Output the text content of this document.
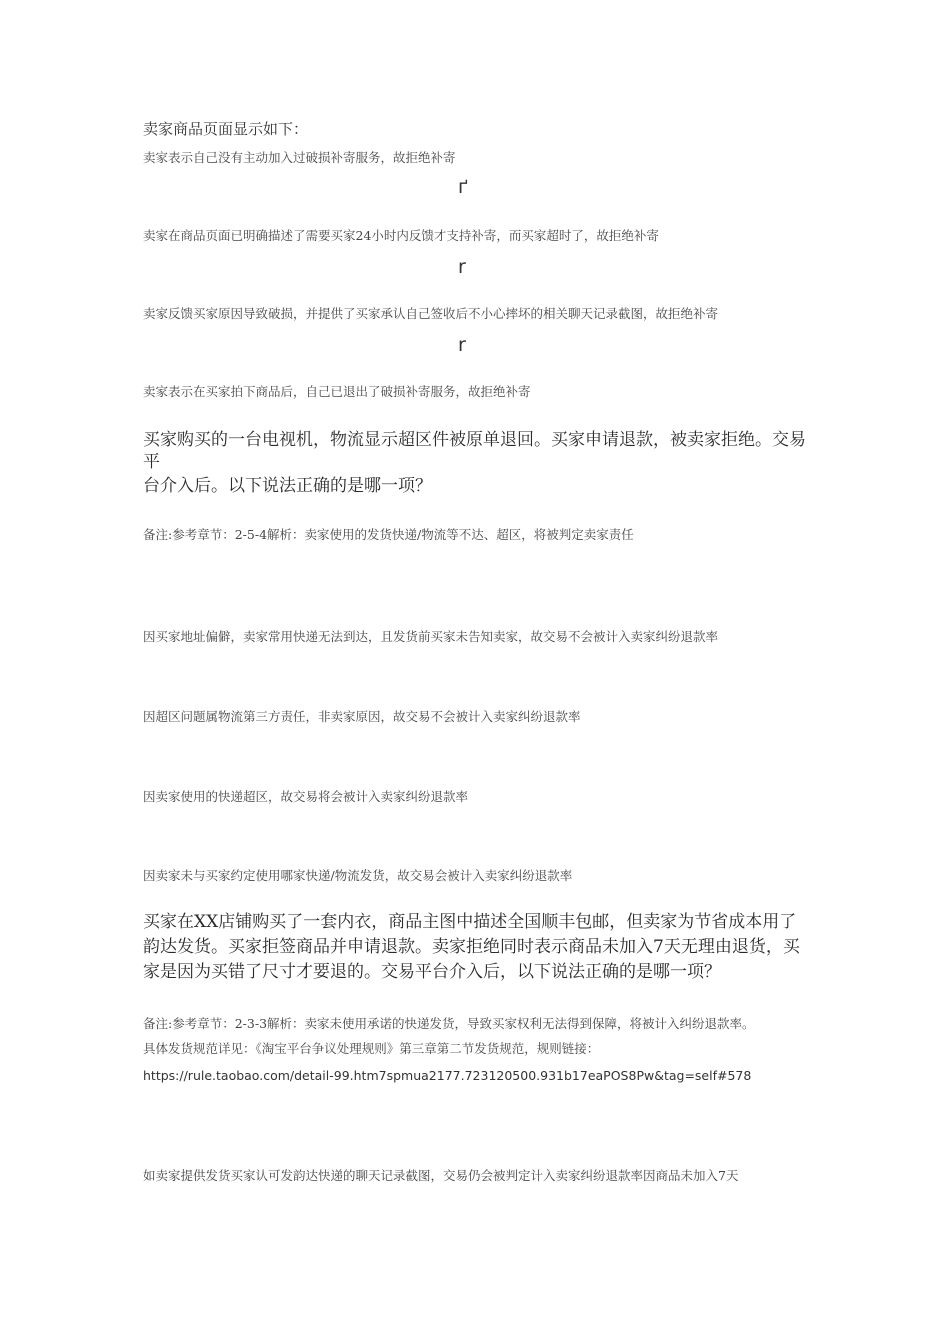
卖家商品页面显示如下：

卖家表示自己没有主动加入过破损补寄服务，故拒绝补寄

ґ

卖家在商品页面已明确描述了需要买家24小时内反馈才支持补寄，而买家超时了，故拒绝补寄

r

卖家反馈买家原因导致破损，并提供了买家承认自己签收后不小心摔坏的相关聊天记录截图，故拒绝补寄

r

卖家表示在买家拍下商品后，自己已退出了破损补寄服务，故拒绝补寄

买家购买的一台电视机，物流显示超区件被原单退回。买家申请退款，被卖家拒绝。交易

平

台介入后。以下说法正确的是哪一项？

备注:参考章节：2-5-4解析：卖家使用的发货快递/物流等不达、超区，将被判定卖家责任

因买家地址偏僻，卖家常用快递无法到达，且发货前买家未告知卖家，故交易不会被计入卖家纠纷退款率

因超区问题属物流第三方责任，非卖家原因，故交易不会被计入卖家纠纷退款率

因卖家使用的快递超区，故交易将会被计入卖家纠纷退款率

因卖家未与买家约定使用哪家快递/物流发货，故交易会被计入卖家纠纷退款率

买家在XX店铺购买了一套内衣，商品主图中描述全国顺丰包邮，但卖家为节省成本用了

韵达发货。买家拒签商品并申请退款。卖家拒绝同时表示商品未加入7天无理由退货，买

家是因为买错了尺寸才要退的。交易平台介入后，以下说法正确的是哪一项？

备注:参考章节：2-3-3解析：卖家未使用承诺的快递发货，导致买家权利无法得到保障，将被计入纠纷退款率。

具体发货规范详见：《淘宝平台争议处理规则》第三章第二节发货规范，规则链接：

https://rule.taobao.com/detail-99.htm7spmua2177.723120500.931b17eaPOS8Pw&tag=self#578

如卖家提供发货买家认可发韵达快递的聊天记录截图，交易仍会被判定计入卖家纠纷退款率因商品未加入7天
